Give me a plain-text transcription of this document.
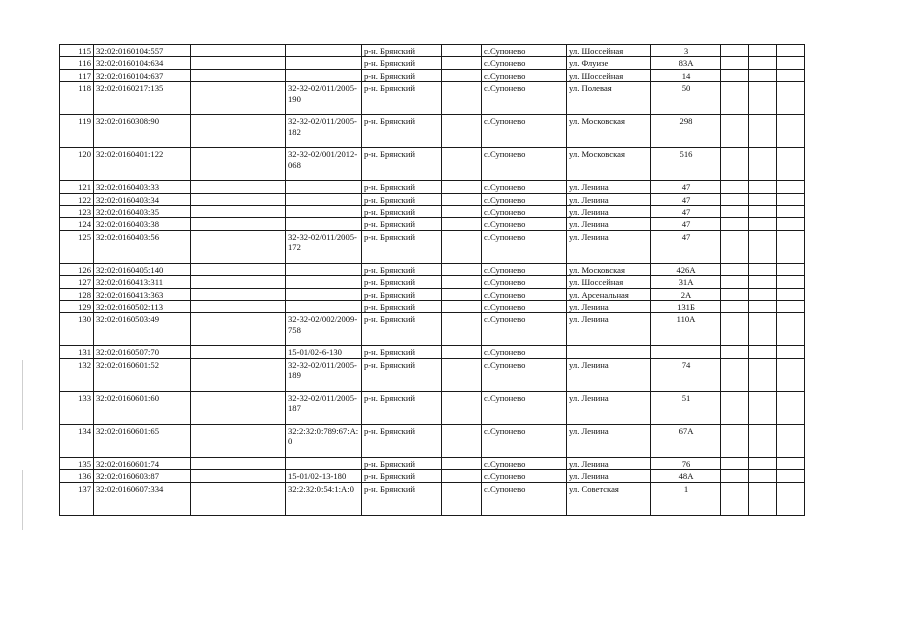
115	32:02:0160104:557			р-н. Брянский		с.Супонево	ул. Шоссейная	3			
116	32:02:0160104:634			р-н. Брянский		с.Супонево	ул. Флуизе	83А			
117	32:02:0160104:637			р-н. Брянский		с.Супонево	ул. Шоссейная	14			
118	32:02:0160217:135		32-32-02/011/2005-190	р-н. Брянский		с.Супонево	ул. Полевая	50			
119	32:02:0160308:90		32-32-02/011/2005-182	р-н. Брянский		с.Супонево	ул. Московская	298			
120	32:02:0160401:122		32-32-02/001/2012-068	р-н. Брянский		с.Супонево	ул. Московская	516			
121	32:02:0160403:33			р-н. Брянский		с.Супонево	ул. Ленина	47			
122	32:02:0160403:34			р-н. Брянский		с.Супонево	ул. Ленина	47			
123	32:02:0160403:35			р-н. Брянский		с.Супонево	ул. Ленина	47			
124	32:02:0160403:38			р-н. Брянский		с.Супонево	ул. Ленина	47			
125	32:02:0160403:56		32-32-02/011/2005-172	р-н. Брянский		с.Супонево	ул. Ленина	47			
126	32:02:0160405:140			р-н. Брянский		с.Супонево	ул. Московская	426А			
127	32:02:0160413:311			р-н. Брянский		с.Супонево	ул. Шоссейная	31А			
128	32:02:0160413:363			р-н. Брянский		с.Супонево	ул. Арсенальная	2А			
129	32:02:0160502:113			р-н. Брянский		с.Супонево	ул. Ленина	131Б			
130	32:02:0160503:49		32-32-02/002/2009-758	р-н. Брянский		с.Супонево	ул. Ленина	110А			
131	32:02:0160507:70		15-01/02-6-130	р-н. Брянский		с.Супонево					
132	32:02:0160601:52		32-32-02/011/2005-189	р-н. Брянский		с.Супонево	ул. Ленина	74			
133	32:02:0160601:60		32-32-02/011/2005-187	р-н. Брянский		с.Супонево	ул. Ленина	51			
134	32:02:0160601:65		32:2:32:0:789:67:А:0	р-н. Брянский		с.Супонево	ул. Ленина	67А			
135	32:02:0160601:74			р-н. Брянский		с.Супонево	ул. Ленина	76			
136	32:02:0160603:87		15-01/02-13-180	р-н. Брянский		с.Супонево	ул. Ленина	48А			
137	32:02:0160607:334		32:2:32:0:54:1:А:0	р-н. Брянский		с.Супонево	ул. Советская	1			
